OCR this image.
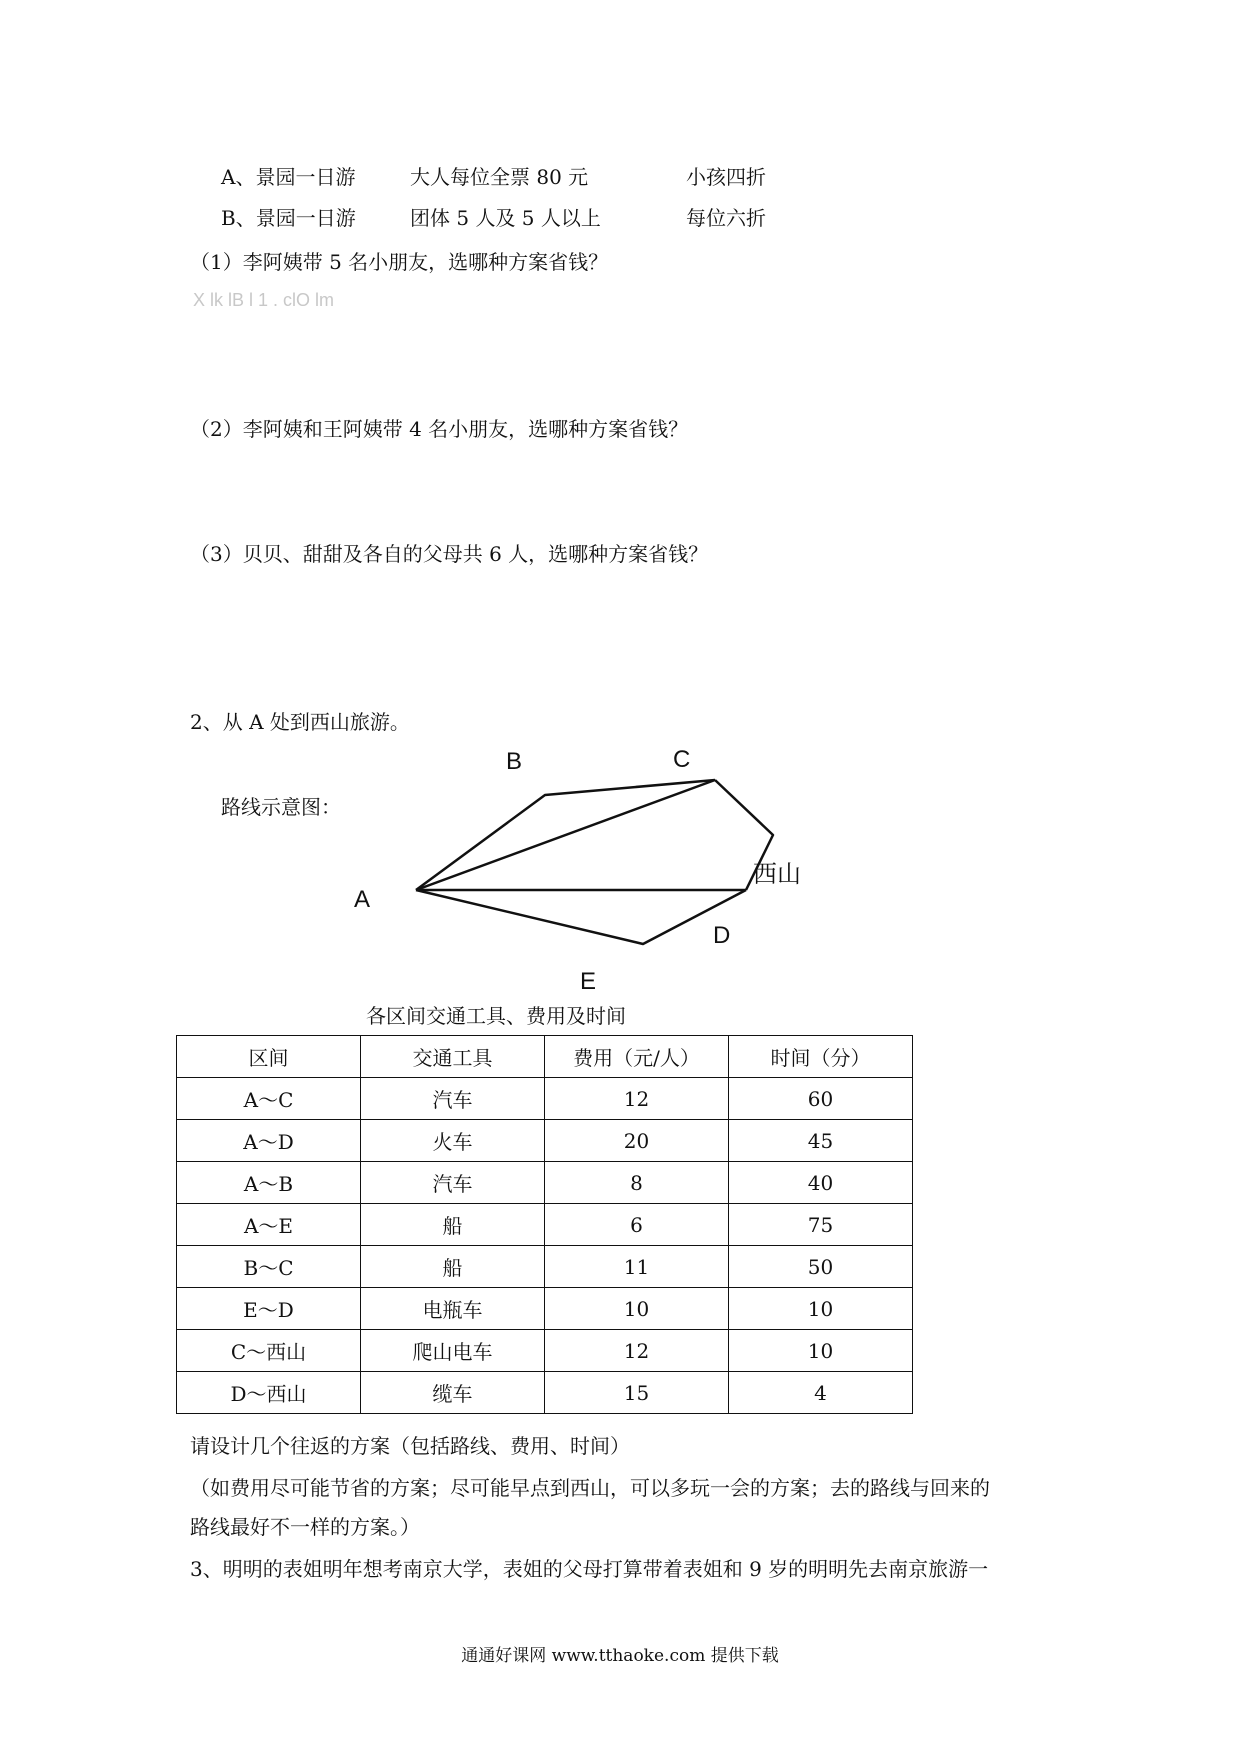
A、景园一日游	大人每位全票 80 元	小孩四折
B、景园一日游	团体 5 人及 5 人以上	每位六折
（1）李阿姨带 5 名小朋友，选哪种方案省钱？
X lk lB l 1 . clO lm
（2）李阿姨和王阿姨带 4 名小朋友，选哪种方案省钱？
（3）贝贝、甜甜及各自的父母共 6 人，选哪种方案省钱？
2、从 A 处到西山旅游。
路线示意图：
B	C
西山
A
D
E
各区间交通工具、费用及时间
区间	交通工具	费用（元/人）	时间（分）
A～C	汽车	12	60
A～D	火车	20	45
A～B	汽车	8	40
A～E	船	6	75
B～C	船	11	50
E～D	电瓶车	10	10
C～西山	爬山电车	12	10
D～西山	缆车	15	4
请设计几个往返的方案（包括路线、费用、时间）
（如费用尽可能节省的方案；尽可能早点到西山，可以多玩一会的方案；去的路线与回来的
路线最好不一样的方案。）
3、明明的表姐明年想考南京大学，表姐的父母打算带着表姐和 9 岁的明明先去南京旅游一
通通好课网 www.tthaoke.com 提供下载
